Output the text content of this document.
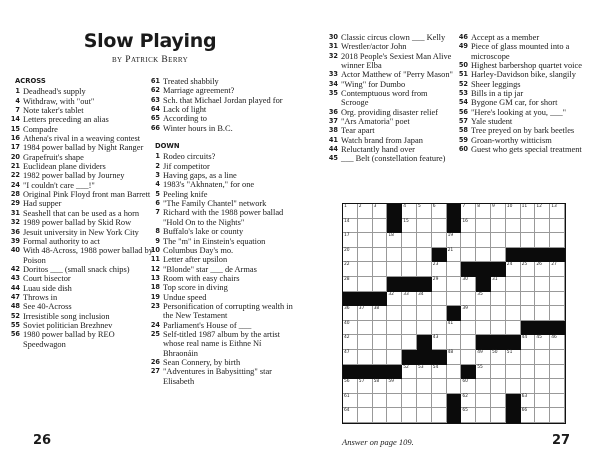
Slow Playing
by Patrick Berry
ACROSS
1 Deadhead's supply
4 Withdraw, with "out"
7 Note taker's tablet
14 Letters preceding an alias
15 Compadre
16 Athena's rival in a weaving contest
17 1984 power ballad by Night Ranger
20 Grapefruit's shape
21 Euclidean plane dividers
22 1982 power ballad by Journey
24 "I couldn't care ___!"
28 Original Pink Floyd front man Barrett
29 Had supper
31 Seashell that can be used as a horn
32 1989 power ballad by Skid Row
36 Jesuit university in New York City
39 Formal authority to act
40 With 48-Across, 1988 power ballad by Poison
42 Doritos ___ (small snack chips)
43 Court bisector
44 Luau side dish
47 Throws in
48 See 40-Across
52 Irresistible song inclusion
55 Soviet politician Brezhnev
56 1980 power ballad by REO Speedwagon
61 Treated shabbily
62 Marriage agreement?
63 Sch. that Michael Jordan played for
64 Lack of light
65 According to
66 Winter hours in B.C.
DOWN
1 Rodeo circuits?
2 Jif competitor
3 Having gaps, as a line
4 1983's "Akhnaten," for one
5 Peeling knife
6 "The Family Chantel" network
7 Richard with the 1988 power ballad "Hold On to the Nights"
8 Buffalo's lake or county
9 The "m" in Einstein's equation
10 Columbus Day's mo.
11 Letter after upsilon
12 "Blonde" star ___ de Armas
13 Room with easy chairs
18 Top score in diving
19 Undue speed
23 Personification of corrupting wealth in the New Testament
24 Parliament's House of ___
25 Self-titled 1987 album by the artist whose real name is Eithne Ní Bhraonáin
26 Sean Connery, by birth
27 "Adventures in Babysitting" star Elisabeth
26
30 Classic circus clown ___ Kelly
31 Wrestler/actor John
32 2018 People's Sexiest Man Alive winner Elba
33 Actor Matthew of "Perry Mason"
34 "Wing" for Dumbo
35 Contemptuous word from Scrooge
36 Org. providing disaster relief
37 "Ars Amatoria" poet
38 Tear apart
41 Watch brand from Japan
44 Reluctantly hand over
45 ___ Belt (constellation feature)
46 Accept as a member
49 Piece of glass mounted into a microscope
50 Highest barbershop quartet voice
51 Harley-Davidson bike, slangily
52 Sheer leggings
53 Bills in a tip jar
54 Bygone GM car, for short
56 "Here's looking at you, ___"
57 Yale student
58 Tree preyed on by bark beetles
59 Groan-worthy witticism
60 Guest who gets special treatment
1	2	3	4	5	6	7	8	9	10 11 12 13
14	15	16
17	18	19
20	21
22	23	24 25 26 27
28	29	30	31
32 33 34	35
36 37 38	39
40	41
42	43	44 45 46
47	48	49 50 51
52 53 54	55
56 57 58 59	60
61	62	63
64	65	66
Answer on page 109.	27
